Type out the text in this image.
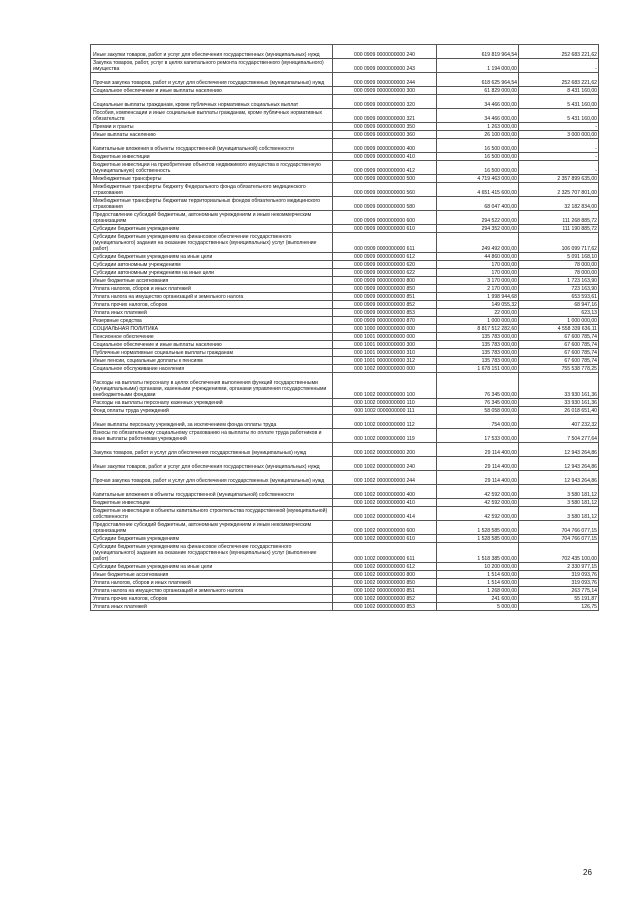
Иные закупки товаров, работ и услуг для обеспечения государственных (муниципальных) нужд	000 0909 0000000000 240	619 819 964,54	252 683 221,62
Закупка товаров, работ, услуг в целях капитального ремонта государственного (муниципального) имущества	000 0909 0000000000 243	1 194 000,00	-
Прочая закупка товаров, работ и услуг для обеспечения государственных (муниципальных) нужд	000 0909 0000000000 244	618 625 964,54	252 683 221,62
Социальное обеспечение и иные выплаты населению	000 0909 0000000000 300	61 829 000,00	8 431 160,00
Социальные выплаты гражданам, кроме публичных нормативных социальных выплат	000 0909 0000000000 320	34 466 000,00	5 431 160,00
Пособия, компенсации и иные социальные выплаты гражданам, кроме публичных нормативных обязательств	000 0909 0000000000 321	34 466 000,00	5 431 160,00
Премии и гранты	000 0909 0000000000 350	1 263 000,00	-
Иные выплаты населению	000 0909 0000000000 360	26 100 000,00	3 000 000,00
Капитальные вложения в объекты государственной (муниципальной) собственности	000 0909 0000000000 400	16 500 000,00	-
Бюджетные инвестиции	000 0909 0000000000 410	16 500 000,00	-
Бюджетные инвестиции на приобретение объектов недвижимого имущества в государственную (муниципальную) собственность	000 0909 0000000000 412	16 500 000,00	-
Межбюджетные трансферты	000 0909 0000000000 500	4 719 463 000,00	2 357 899 635,00
Межбюджетные трансферты бюджету Федерального фонда обязательного медицинского страхования	000 0909 0000000000 560	4 651 415 600,00	2 325 707 801,00
Межбюджетные трансферты бюджетам территориальных фондов обязательного медицинского страхования	000 0909 0000000000 580	68 047 400,00	32 182 834,00
Предоставление субсидий бюджетным, автономным учреждениям и иным некоммерческим организациям	000 0909 0000000000 600	294 522 000,00	111 268 885,72
Субсидии бюджетным учреждениям	000 0909 0000000000 610	294 352 000,00	111 190 885,72
Субсидии бюджетным учреждениям на финансовое обеспечение государственного (муниципального) задания на оказание государственных (муниципальных) услуг (выполнение работ)	000 0909 0000000000 611	249 492 000,00	106 099 717,62
Субсидии бюджетным учреждениям на иные цели	000 0909 0000000000 612	44 860 000,00	5 091 168,10
Субсидии автономным учреждениям	000 0909 0000000000 620	170 000,00	78 000,00
Субсидии автономным учреждениям на иные цели	000 0909 0000000000 622	170 000,00	78 000,00
Иные бюджетные ассигнования	000 0909 0000000000 800	3 170 000,00	1 723 163,90
Уплата налогов, сборов и иных платежей	000 0909 0000000000 850	2 170 000,00	723 163,90
Уплата налога на имущество организаций и земельного налога	000 0909 0000000000 851	1 998 944,68	653 593,61
Уплата прочих налогов, сборов	000 0909 0000000000 852	149 055,32	68 947,16
Уплата иных платежей	000 0909 0000000000 853	22 000,00	623,13
Резервные средства	000 0909 0000000000 870	1 000 000,00	1 000 000,00
СОЦИАЛЬНАЯ ПОЛИТИКА	000 1000 0000000000 000	8 817 512 282,60	4 558 339 636,11
Пенсионное обеспечение	000 1001 0000000000 000	135 783 000,00	67 600 785,74
Социальное обеспечение и иные выплаты населению	000 1001 0000000000 300	135 783 000,00	67 600 785,74
Публичные нормативные социальные выплаты гражданам	000 1001 0000000000 310	135 783 000,00	67 600 785,74
Иные пенсии, социальные доплаты к пенсиям	000 1001 0000000000 312	135 783 000,00	67 600 785,74
Социальное обслуживание населения	000 1002 0000000000 000	1 678 151 000,00	755 538 778,25
Расходы на выплаты персоналу в целях обеспечения выполнения функций государственными (муниципальными) органами, казенными учреждениями, органами управления государственными внебюджетными фондами	000 1002 0000000000 100	76 345 000,00	33 930 161,36
Расходы на выплаты персоналу казенных учреждений	000 1002 0000000000 110	76 345 000,00	33 930 161,36
Фонд оплаты труда учреждений	000 1002 0000000000 111	58 058 000,00	26 018 651,40
Иные выплаты персоналу учреждений, за исключением фонда оплаты труда	000 1002 0000000000 112	754 000,00	407 232,32
Взносы по обязательному социальному страхованию на выплаты по оплате труда работников и иные выплаты работникам учреждений	000 1002 0000000000 119	17 533 000,00	7 504 277,64
Закупка товаров, работ и услуг для обеспечения государственных (муниципальных) нужд	000 1002 0000000000 200	29 114 400,00	12 943 264,86
Иные закупки товаров, работ и услуг для обеспечения государственных (муниципальных) нужд	000 1002 0000000000 240	29 114 400,00	12 943 264,86
Прочая закупка товаров, работ и услуг для обеспечения государственных (муниципальных) нужд	000 1002 0000000000 244	29 114 400,00	12 943 264,86
Капитальные вложения в объекты государственной (муниципальной) собственности	000 1002 0000000000 400	42 592 000,00	3 580 181,12
Бюджетные инвестиции	000 1002 0000000000 410	42 592 000,00	3 580 181,12
Бюджетные инвестиции в объекты капитального строительства государственной (муниципальной) собственности	000 1002 0000000000 414	42 592 000,00	3 580 181,12
Предоставление субсидий бюджетным, автономным учреждениям и иным некоммерческим организациям	000 1002 0000000000 600	1 528 585 000,00	704 766 077,15
Субсидии бюджетным учреждениям	000 1002 0000000000 610	1 528 585 000,00	704 766 077,15
Субсидии бюджетным учреждениям на финансовое обеспечение государственного (муниципального) задания на оказание государственных (муниципальных) услуг (выполнение работ)	000 1002 0000000000 611	1 518 385 000,00	702 435 100,00
Субсидии бюджетным учреждениям на иные цели	000 1002 0000000000 612	10 200 000,00	2 330 977,15
Иные бюджетные ассигнования	000 1002 0000000000 800	1 514 600,00	319 093,76
Уплата налогов, сборов и иных платежей	000 1002 0000000000 850	1 514 600,00	319 093,76
Уплата налога на имущество организаций и земельного налога	000 1002 0000000000 851	1 268 000,00	263 775,14
Уплата прочих налогов, сборов	000 1002 0000000000 852	241 600,00	55 191,87
Уплата иных платежей	000 1002 0000000000 853	5 000,00	126,75
26
